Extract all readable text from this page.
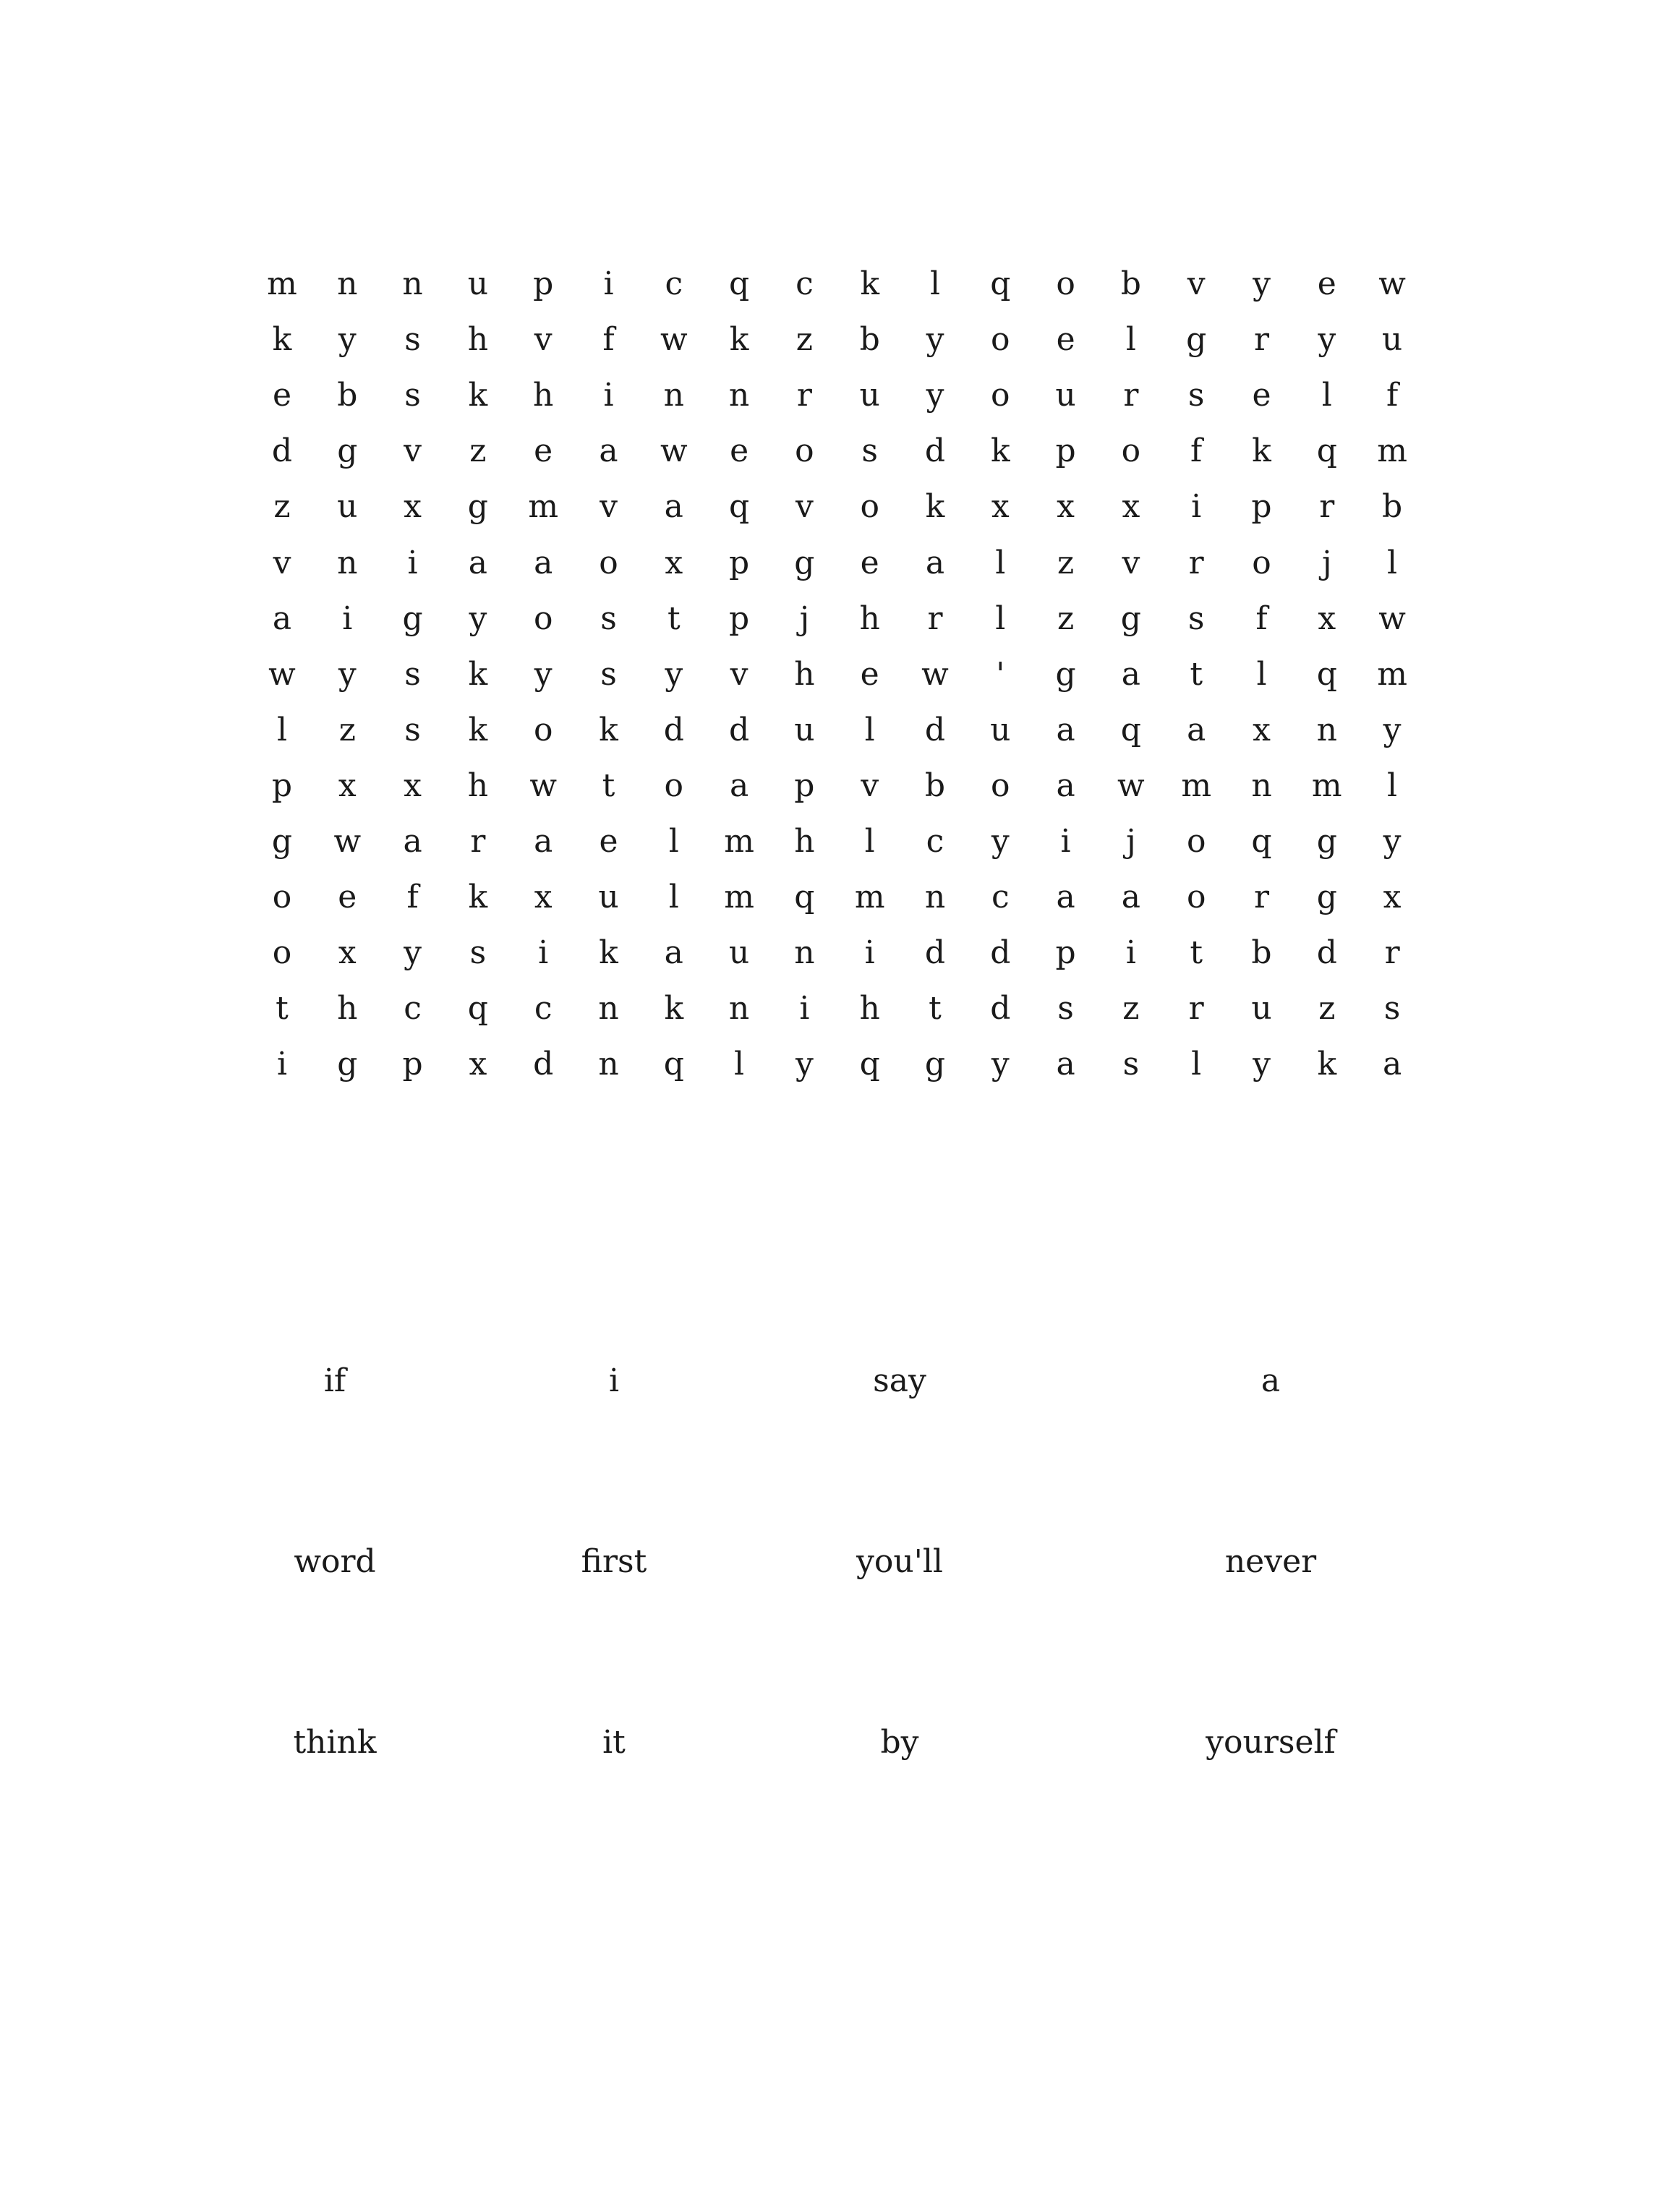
m	n	n	u	p	i	c	q	c	k	l	q	o	b	v	y	e	w
k	y	s	h	v	f	w	k	z	b	y	o	e	l	g	r	y	u
e	b	s	k	h	i	n	n	r	u	y	o	u	r	s	e	l	f
d	g	v	z	e	a	w	e	o	s	d	k	p	o	f	k	q	m
z	u	x	g	m	v	a	q	v	o	k	x	x	x	i	p	r	b
v	n	i	a	a	o	x	p	g	e	a	l	z	v	r	o	j	l
a	i	g	y	o	s	t	p	j	h	r	l	z	g	s	f	x	w
w	y	s	k	y	s	y	v	h	e	w	'	g	a	t	l	q	m
l	z	s	k	o	k	d	d	u	l	d	u	a	q	a	x	n	y
p	x	x	h	w	t	o	a	p	v	b	o	a	w	m	n	m	l
g	w	a	r	a	e	l	m	h	l	c	y	i	j	o	q	g	y
o	e	f	k	x	u	l	m	q	m	n	c	a	a	o	r	g	x
o	x	y	s	i	k	a	u	n	i	d	d	p	i	t	b	d	r
t	h	c	q	c	n	k	n	i	h	t	d	s	z	r	u	z	s
i	g	p	x	d	n	q	l	y	q	g	y	a	s	l	y	k	a
if	i	say	a
word	first	you'll	never
think	it	by	yourself
